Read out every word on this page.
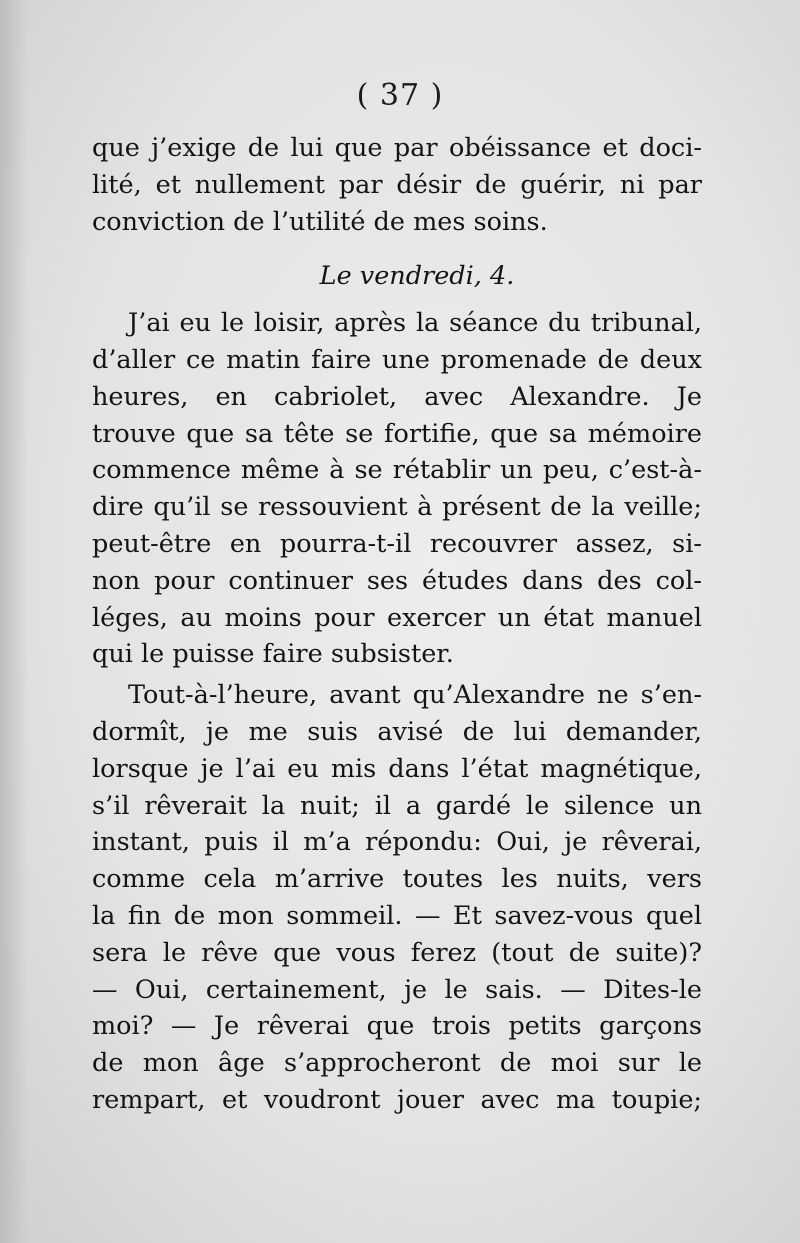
( 37 )
que j’exige de lui que par obéissance et doci-
lité, et nullement par désir de guérir, ni par
conviction de l’utilité de mes soins.
Le vendredi, 4.
J’ai eu le loisir, après la séance du tribunal,
d’aller ce matin faire une promenade de deux
heures, en cabriolet, avec Alexandre. Je
trouve que sa tête se fortifie, que sa mémoire
commence même à se rétablir un peu, c’est-à-
dire qu’il se ressouvient à présent de la veille;
peut-être en pourra-t-il recouvrer assez, si-
non pour continuer ses études dans des col-
léges, au moins pour exercer un état manuel
qui le puisse faire subsister.
Tout-à-l’heure, avant qu’Alexandre ne s’en-
dormît, je me suis avisé de lui demander,
lorsque je l’ai eu mis dans l’état magnétique,
s’il rêverait la nuit; il a gardé le silence un
instant, puis il m’a répondu: Oui, je rêverai,
comme cela m’arrive toutes les nuits, vers
la fin de mon sommeil. — Et savez-vous quel
sera le rêve que vous ferez (tout de suite)?
— Oui, certainement, je le sais. — Dites-le
moi? — Je rêverai que trois petits garçons
de mon âge s’approcheront de moi sur le
rempart, et voudront jouer avec ma toupie;
